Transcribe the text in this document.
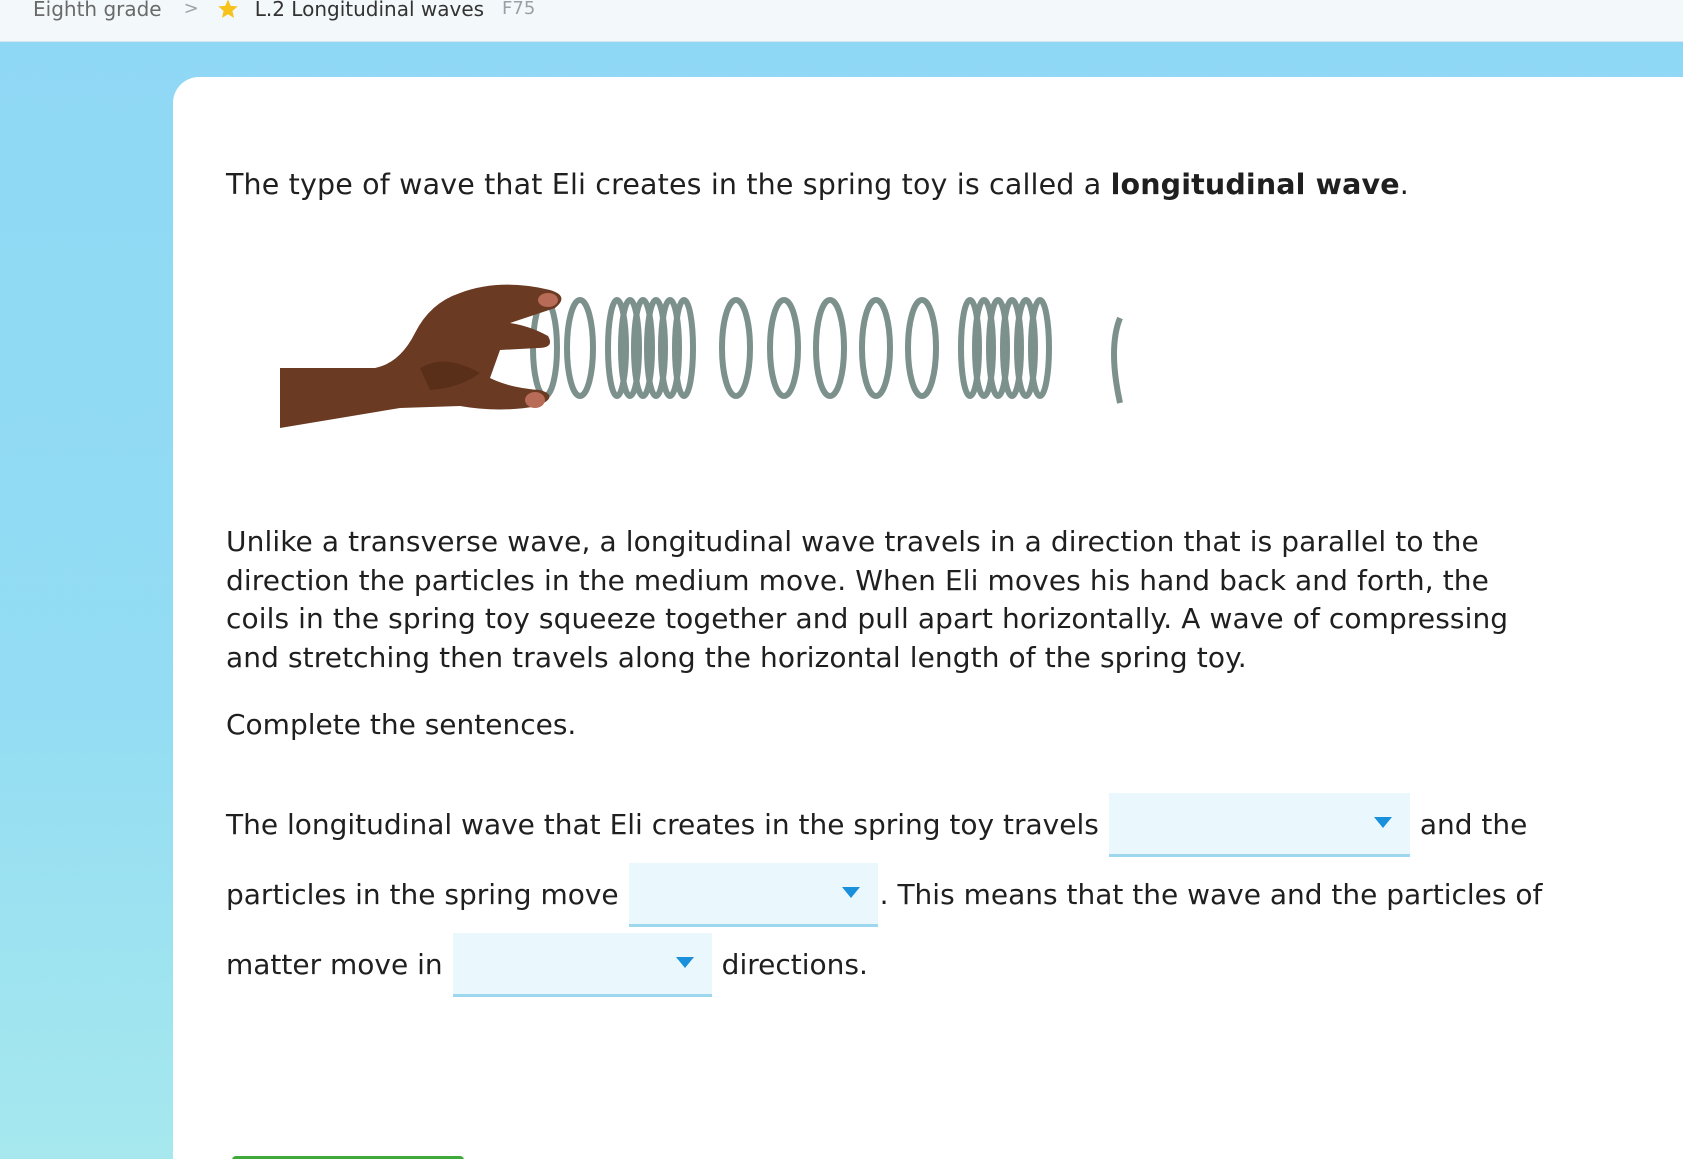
Eighth grade >	L.2 Longitudinal waves F75
The type of wave that Eli creates in the spring toy is called a longitudinal wave.
Unlike a transverse wave, a longitudinal wave travels in a direction that is parallel to the
direction the particles in the medium move. When Eli moves his hand back and forth, the
coils in the spring toy squeeze together and pull apart horizontally. A wave of compressing
and stretching then travels along the horizontal length of the spring toy.
Complete the sentences.
The longitudinal wave that Eli creates in the spring toy travels	and the
particles in the spring move	. This means that the wave and the particles of
matter move in	directions.
